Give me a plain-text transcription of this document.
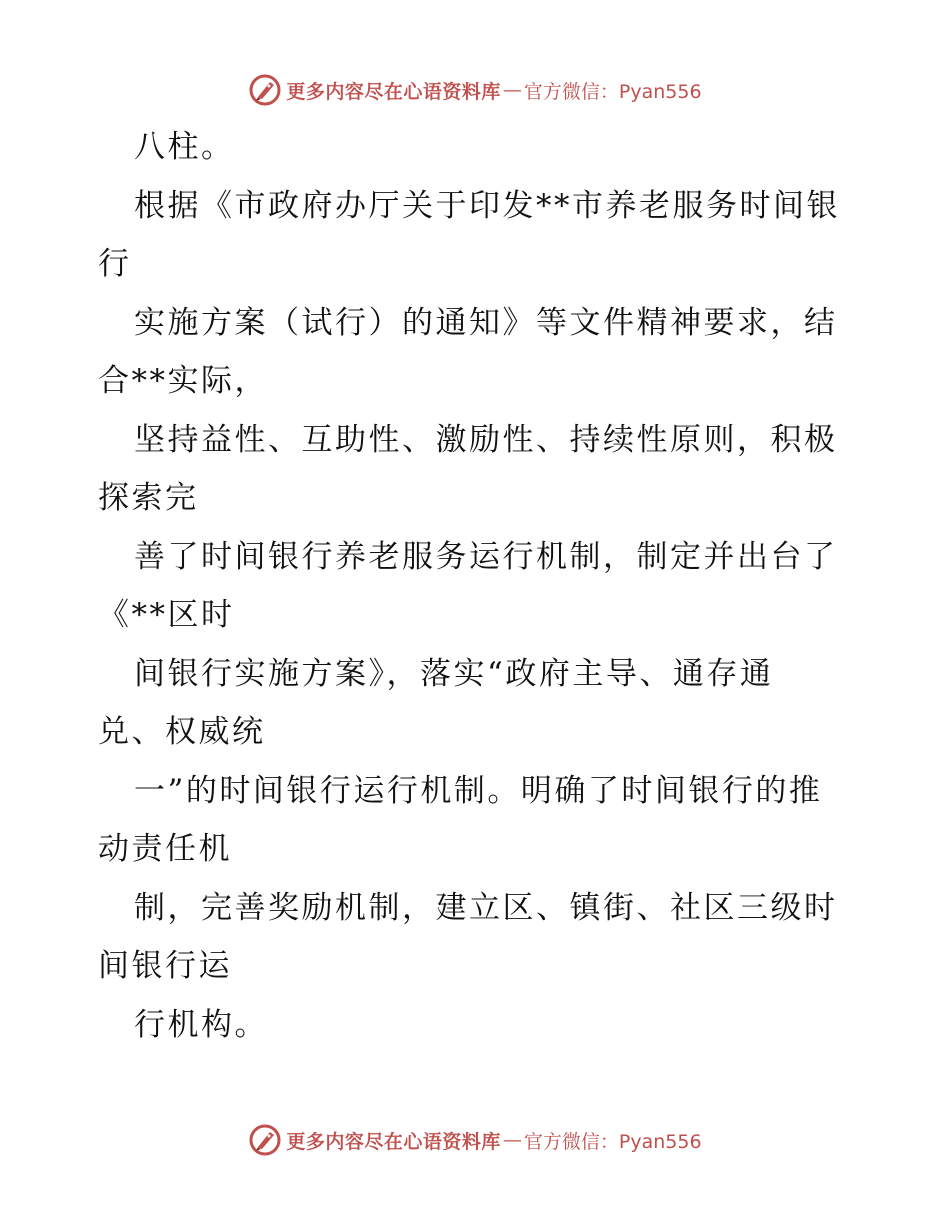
更多内容尽在心语资料库 — 官方微信：Pyan556
八柱。
根据《市政府办厅关于印发**市养老服务时间银
行
实施方案（试行）的通知》等文件精神要求，结
合**实际，
坚持益性、互助性、激励性、持续性原则，积极
探索完
善了时间银行养老服务运行机制，制定并出台了
《**区时
间银行实施方案》，落实“政府主导、通存通
兑、权威统
一”的时间银行运行机制。明确了时间银行的推
动责任机
制，完善奖励机制，建立区、镇街、社区三级时
间银行运
行机构。
更多内容尽在心语资料库 — 官方微信：Pyan556
